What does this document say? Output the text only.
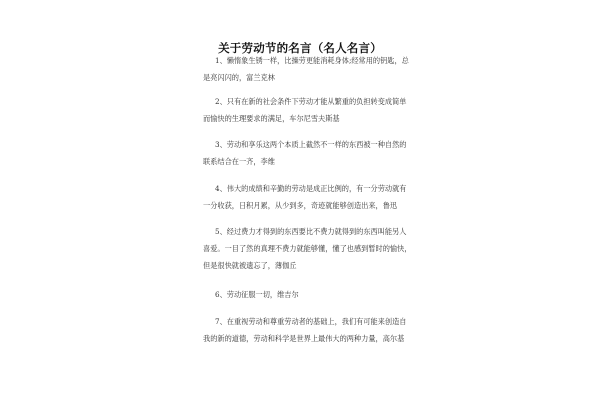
关于劳动节的名言（名人名言）

1、懒惰象生锈一样，比操劳更能消耗身体;经常用的钥匙，总是亮闪闪的，富兰克林

2、只有在新的社会条件下劳动才能从繁重的负担转变成简单而愉快的生理要求的满足，车尔尼雪夫斯基

3、劳动和享乐这两个本质上截然不一样的东西被一种自然的联系结合在一齐，李维

4、伟大的成绩和辛勤的劳动是成正比例的，有一分劳动就有一分收获，日积月累，从少到多，奇迹就能够创造出来，鲁迅

5、经过费力才得到的东西要比不费力就得到的东西叫能另人喜爱。一目了然的真理不费力就能够懂，懂了也感到暂时的愉快，但是很快就被遗忘了，薄伽丘

6、劳动征服一切，维吉尔

7、在重视劳动和尊重劳动者的基础上，我们有可能来创造自我的新的道德，劳动和科学是世界上最伟大的两种力量，高尔基
